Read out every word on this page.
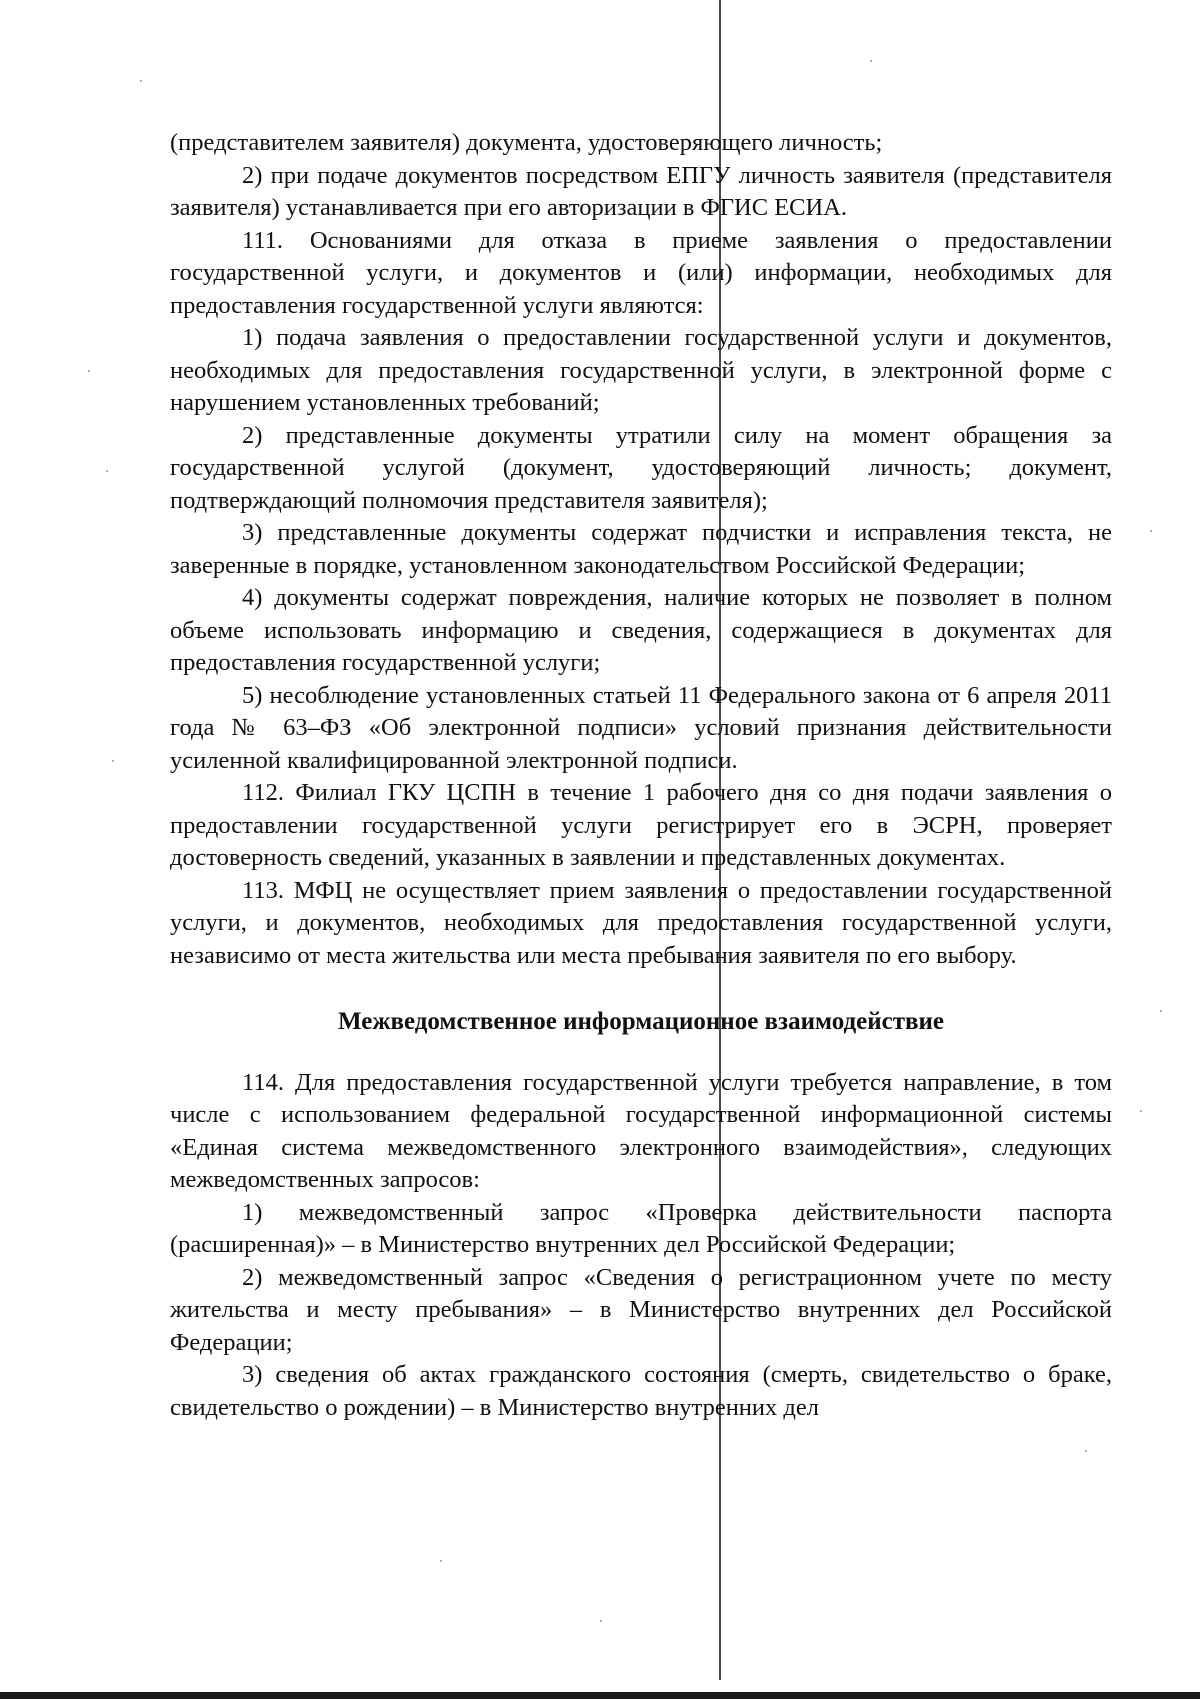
(представителем заявителя) документа, удостоверяющего личность;

2) при подаче документов посредством ЕПГУ личность заявителя (представителя заявителя) устанавливается при его авторизации в ФГИС ЕСИА.

111. Основаниями для отказа в приеме заявления о предоставлении государственной услуги, и документов и (или) информации, необходимых для предоставления государственной услуги являются:

1) подача заявления о предоставлении государственной услуги и документов, необходимых для предоставления государственной услуги, в электронной форме с нарушением установленных требований;

2) представленные документы утратили силу на момент обращения за государственной услугой (документ, удостоверяющий личность; документ, подтверждающий полномочия представителя заявителя);

3) представленные документы содержат подчистки и исправления текста, не заверенные в порядке, установленном законодательством Российской Федерации;

4) документы содержат повреждения, наличие которых не позволяет в полном объеме использовать информацию и сведения, содержащиеся в документах для предоставления государственной услуги;

5) несоблюдение установленных статьей 11 Федерального закона от 6 апреля 2011 года № 63–ФЗ «Об электронной подписи» условий признания действительности усиленной квалифицированной электронной подписи.

112. Филиал ГКУ ЦСПН в течение 1 рабочего дня со дня подачи заявления о предоставлении государственной услуги регистрирует его в ЭСРН, проверяет достоверность сведений, указанных в заявлении и представленных документах.

113. МФЦ не осуществляет прием заявления о предоставлении государственной услуги, и документов, необходимых для предоставления государственной услуги, независимо от места жительства или места пребывания заявителя по его выбору.

Межведомственное информационное взаимодействие

114. Для предоставления государственной услуги требуется направление, в том числе с использованием федеральной государственной информационной системы «Единая система межведомственного электронного взаимодействия», следующих межведомственных запросов:

1) межведомственный запрос «Проверка действительности паспорта (расширенная)» – в Министерство внутренних дел Российской Федерации;

2) межведомственный запрос «Сведения о регистрационном учете по месту жительства и месту пребывания» – в Министерство внутренних дел Российской Федерации;

3) сведения об актах гражданского состояния (смерть, свидетельство о браке, свидетельство о рождении) – в Министерство внутренних дел
